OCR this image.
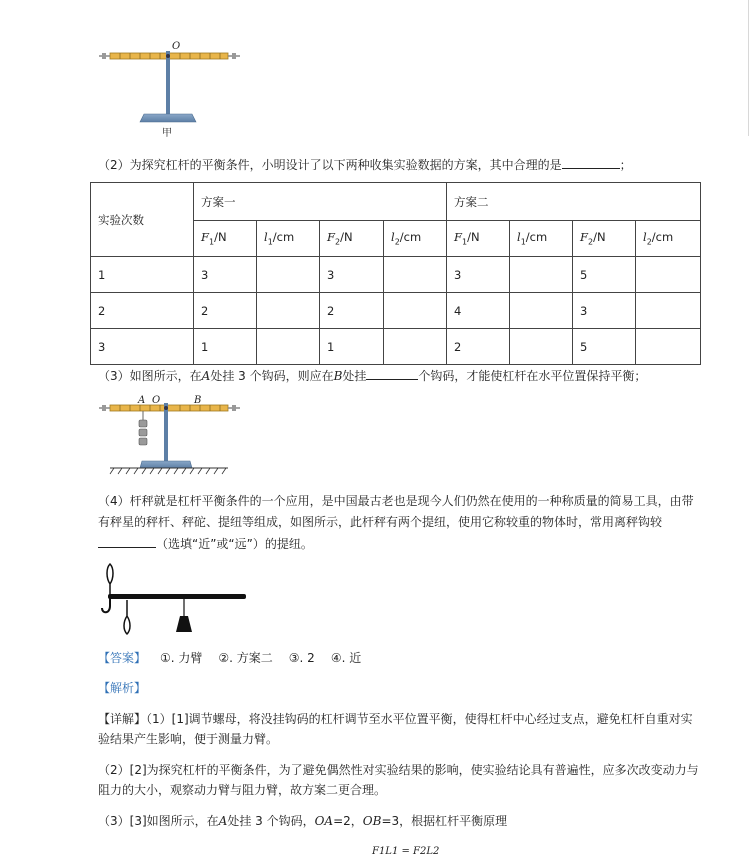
O
甲
（2）为探究杠杆的平衡条件，小明设计了以下两种收集实验数据的方案，其中合理的是	；
实验次数	方案一				方案二			
	$F_1/N$	$l_1/cm$	$F_2/N$	$l_2/cm$	$F_1/N$	$l_1/cm$	$F_2/N$	$l_2/cm$
1	3		3		3		5	
2	2		2		4		3	
3	1		1		2		5	
（3）如图所示，在A处挂 3 个钩码，则应在B处挂	个钩码，才能使杠杆在水平位置保持平衡；
A O	B
（4）杆秤就是杠杆平衡条件的一个应用，是中国最古老也是现今人们仍然在使用的一种称质量的简易工具，由带
有秤星的秤杆、秤砣、提纽等组成，如图所示，此杆秤有两个提纽，使用它称较重的物体时，常用离秤钩较
（选填“近”或“远”）的提纽。
【答案】 ①. 力臂 ②. 方案二 ③. 2 ④. 近
【解析】
【详解】（1）[1]调节螺母，将没挂钩码的杠杆调节至水平位置平衡，使得杠杆中心经过支点，避免杠杆自重对实
验结果产生影响，便于测量力臂。
（2）[2]为探究杠杆的平衡条件，为了避免偶然性对实验结果的影响，使实验结论具有普遍性，应多次改变动力与
阻力的大小，观察动力臂与阻力臂，故方案二更合理。
（3）[3]如图所示，在A处挂 3 个钩码，OA=2，OB=3，根据杠杆平衡原理
F1L1 = F2L2
